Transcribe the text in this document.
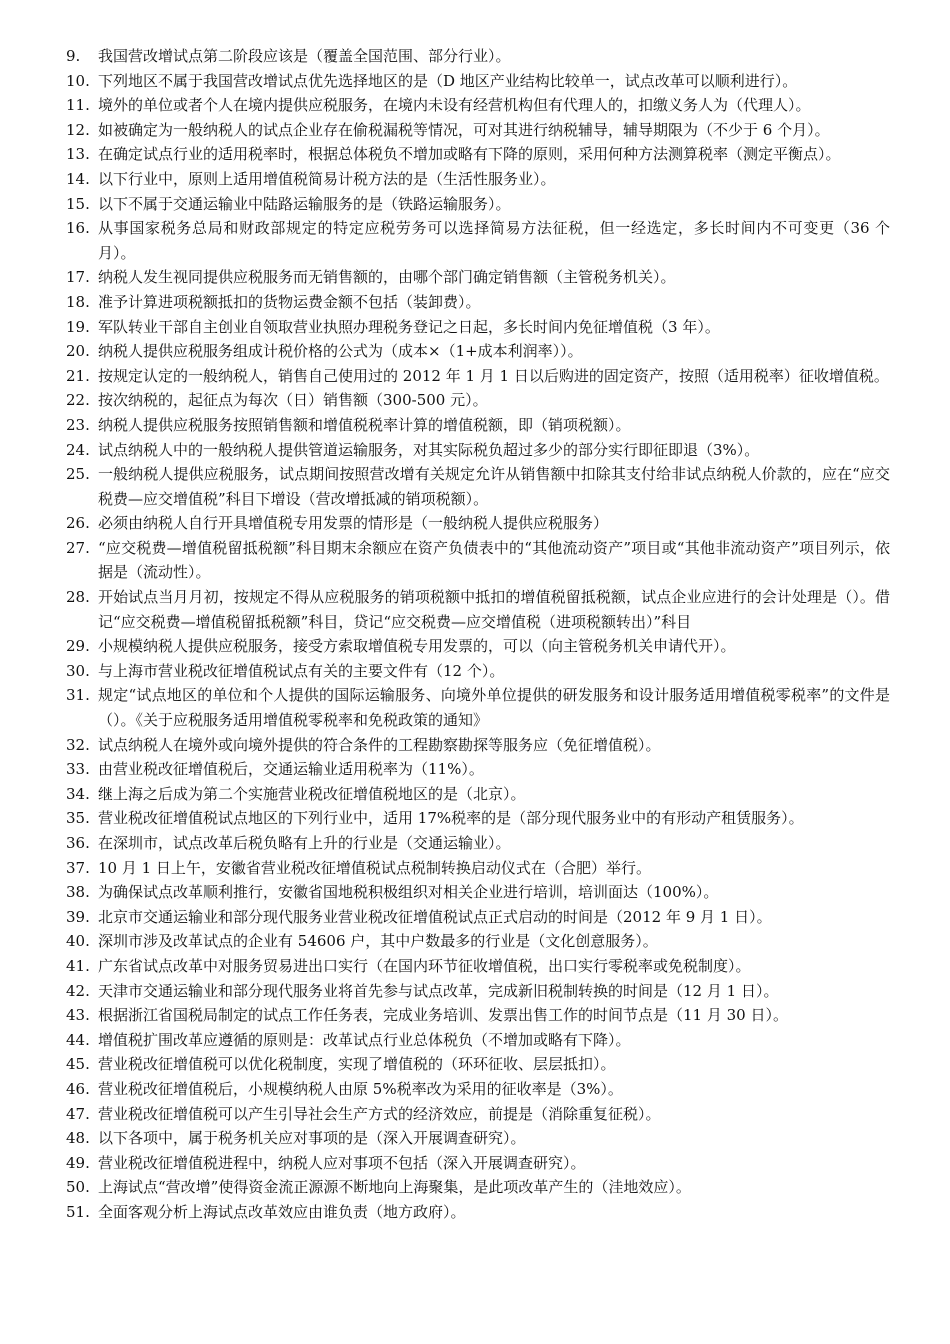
9.	我国营改增试点第二阶段应该是（覆盖全国范围、部分行业）。
10. 下列地区不属于我国营改增试点优先选择地区的是（D 地区产业结构比较单一，试点改革可以顺利进行）。
11. 境外的单位或者个人在境内提供应税服务，在境内未设有经营机构但有代理人的，扣缴义务人为（代理人）。
12. 如被确定为一般纳税人的试点企业存在偷税漏税等情况，可对其进行纳税辅导，辅导期限为（不少于 6 个月）。
13. 在确定试点行业的适用税率时，根据总体税负不增加或略有下降的原则，采用何种方法测算税率（测定平衡点）。
14. 以下行业中，原则上适用增值税简易计税方法的是（生活性服务业）。
15. 以下不属于交通运输业中陆路运输服务的是（铁路运输服务）。
16. 从事国家税务总局和财政部规定的特定应税劳务可以选择简易方法征税，但一经选定，多长时间内不可变更（36 个月）。
17. 纳税人发生视同提供应税服务而无销售额的，由哪个部门确定销售额（主管税务机关）。
18. 准予计算进项税额抵扣的货物运费金额不包括（装卸费）。
19. 军队转业干部自主创业自领取营业执照办理税务登记之日起，多长时间内免征增值税（3 年）。
20. 纳税人提供应税服务组成计税价格的公式为（成本×（1+成本利润率））。
21. 按规定认定的一般纳税人，销售自己使用过的 2012 年 1 月 1 日以后购进的固定资产，按照（适用税率）征收增值税。
22. 按次纳税的，起征点为每次（日）销售额（300-500 元）。
23. 纳税人提供应税服务按照销售额和增值税税率计算的增值税额，即（销项税额）。
24. 试点纳税人中的一般纳税人提供管道运输服务，对其实际税负超过多少的部分实行即征即退（3%）。
25. 一般纳税人提供应税服务，试点期间按照营改增有关规定允许从销售额中扣除其支付给非试点纳税人价款的，应在“应交税费—应交增值税”科目下增设（营改增抵减的销项税额）。
26. 必须由纳税人自行开具增值税专用发票的情形是（一般纳税人提供应税服务）
27. “应交税费—增值税留抵税额”科目期末余额应在资产负债表中的“其他流动资产”项目或“其他非流动资产”项目列示，依据是（流动性）。
28. 开始试点当月月初，按规定不得从应税服务的销项税额中抵扣的增值税留抵税额，试点企业应进行的会计处理是（）。借记“应交税费—增值税留抵税额”科目，贷记“应交税费—应交增值税（进项税额转出）”科目
29. 小规模纳税人提供应税服务，接受方索取增值税专用发票的，可以（向主管税务机关申请代开）。
30. 与上海市营业税改征增值税试点有关的主要文件有（12 个）。
31. 规定“试点地区的单位和个人提供的国际运输服务、向境外单位提供的研发服务和设计服务适用增值税零税率”的文件是（）。《关于应税服务适用增值税零税率和免税政策的通知》
32. 试点纳税人在境外或向境外提供的符合条件的工程勘察勘探等服务应（免征增值税）。
33. 由营业税改征增值税后，交通运输业适用税率为（11%）。
34. 继上海之后成为第二个实施营业税改征增值税地区的是（北京）。
35. 营业税改征增值税试点地区的下列行业中，适用 17%税率的是（部分现代服务业中的有形动产租赁服务）。
36. 在深圳市，试点改革后税负略有上升的行业是（交通运输业）。
37. 10 月 1 日上午，安徽省营业税改征增值税试点税制转换启动仪式在（合肥）举行。
38. 为确保试点改革顺利推行，安徽省国地税积极组织对相关企业进行培训，培训面达（100%）。
39. 北京市交通运输业和部分现代服务业营业税改征增值税试点正式启动的时间是（2012 年 9 月 1 日）。
40. 深圳市涉及改革试点的企业有 54606 户，其中户数最多的行业是（文化创意服务）。
41. 广东省试点改革中对服务贸易进出口实行（在国内环节征收增值税，出口实行零税率或免税制度）。
42. 天津市交通运输业和部分现代服务业将首先参与试点改革，完成新旧税制转换的时间是（12 月 1 日）。
43. 根据浙江省国税局制定的试点工作任务表，完成业务培训、发票出售工作的时间节点是（11 月 30 日）。
44. 增值税扩围改革应遵循的原则是：改革试点行业总体税负（不增加或略有下降）。
45. 营业税改征增值税可以优化税制度，实现了增值税的（环环征收、层层抵扣）。
46. 营业税改征增值税后，小规模纳税人由原 5%税率改为采用的征收率是（3%）。
47. 营业税改征增值税可以产生引导社会生产方式的经济效应，前提是（消除重复征税）。
48. 以下各项中，属于税务机关应对事项的是（深入开展调查研究）。
49. 营业税改征增值税进程中，纳税人应对事项不包括（深入开展调查研究）。
50. 上海试点“营改增”使得资金流正源源不断地向上海聚集，是此项改革产生的（洼地效应）。
51. 全面客观分析上海试点改革效应由谁负责（地方政府）。
